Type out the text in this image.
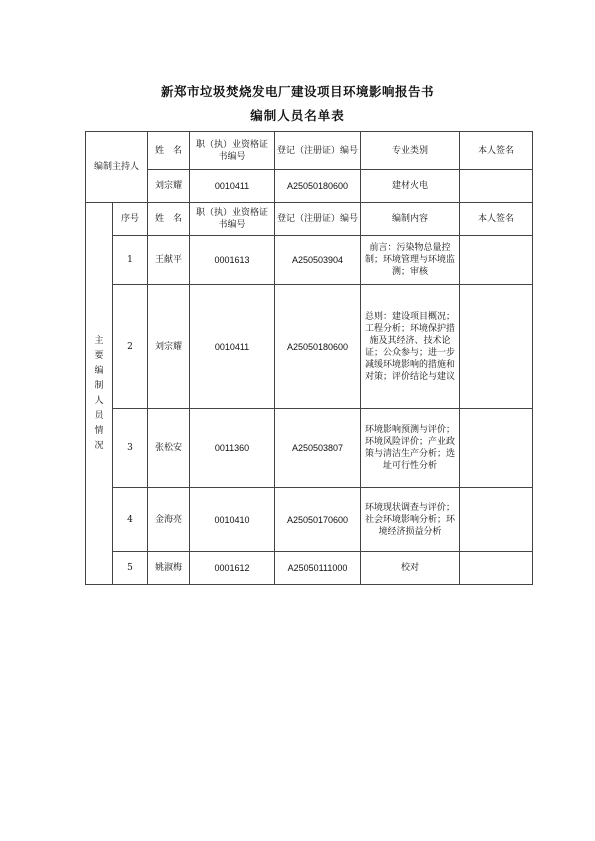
新郑市垃圾焚烧发电厂建设项目环境影响报告书
编制人员名单表
编制主持人	姓　名	职（执）业资格证书编号	登记（注册证）编号	专业类别	本人签名
	刘宗耀	0010411	A25050180600	建材火电	
主要编制人员情况	序号	姓　名	职（执）业资格证书编号	登记（注册证）编号	编制内容	本人签名
	1	王献平	0001613	A250503904	前言：污染物总量控制；环境管理与环境监测；审核	
	2	刘宗耀	0010411	A25050180600	总则：建设项目概况；工程分析；环境保护措施及其经济、技术论证；公众参与；进一步减缓环境影响的措施和对策；评价结论与建议	
	3	张松安	0011360	A250503807	环境影响预测与评价；环境风险评价；产业政策与清洁生产分析；选址可行性分析	
	4	金海亮	0010410	A25050170600	环境现状调查与评价；社会环境影响分析；环境经济损益分析	
	5	姚淑梅	0001612	A25050111000	校对	
